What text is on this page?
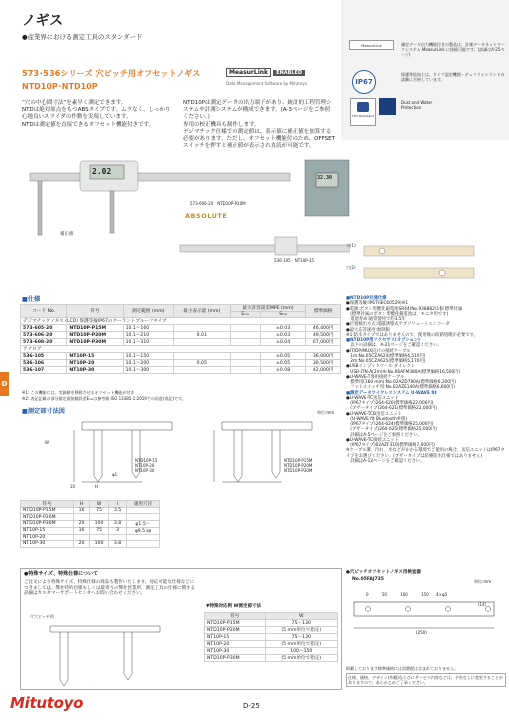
D
ノギス
●産業界における測定工具のスタンダード
MeasurLink	測定データ出力機能付きの製品は、計測データネットワークシステム MeasurLink に接続可能です。(詳細はA-25ページ)
IP67
保護等級向上は、ドイツ認定機関・テュフラインランドの試験に合格しています。
TÜV Rheinland
Dust and Water Protection
573･536シリーズ 穴ピッチ用オフセットノギス
NTD10P･NTD10P
MeasurLink ENABLED
Data Management Software by Mitutoyo
“穴の中心間寸法”を素早く測定できます。
NTDは絶対原点をもつABSタイプです。ムラなく、しっかり心地良いスライダの作動を実現しています。
NTDは測定値を直接できるオフセット機能付きです。
NTD10Pは測定データの出力端子があり、統計的工程管理システムや計測システムが構成できます。(A-3ページをご参照ください。)
専用の校正機具も制作します。
デジマチック仕様での測定値は、表示値に補正値を加算する必要があります。ただし、オフセット機能付のため、OFFSETスイッチを押すと補正値が表示され直読が可能です。
2.02
32.30
補正値
573-606-20　NTD10P-P20M
ABSOLUTE
536-105　NT10P-15
穴(1)
穴(2)
■仕様
コード No.	符号	測定範囲 (mm)	最小表示量 (mm)	最大許容誤差MPE (mm)		標準価格
				Eₘₑ	Sₘₑ	
デジマチックノギス (LCD) 保護等級IP67のクーラントプルーフタイプ						
573-605-20	NTD10P-P15M	10.1〜160			±0.03	46,400円
573-606-20	NTD10P-P20M	10.1〜210	0.01		±0.03	49,500円
573-608-20	NTD10P-P30M	10.1〜310			±0.04	67,000円
アナログ						
536-105	NT10P-15	10.1〜150			±0.05	36,000円
536-106	NT10P-20	10.1〜200	0.05		±0.05	39,500円
536-107	NT10P-30	10.1〜300			±0.08	42,000円
※1: この機能には、実測値を移動させるオフセット機能が付き
※2: 表記記載の部分測定面接触誤差Eₘₑは参考値 ISO 13385-1:2019での再度(表記)です。
■測定部寸法図	単位:mm
W
H
10
φ1
NTD10P-15
NT10P-20
NT10P-30
NTD10P-P15M
NTD10P-P20M
NTD10P-P30M
符号	H	W	l	適用穴径
NTD10P-P15M	16	75	3.5	
NTD10P-P20M				
NTD10P-P30M	20	100	3.8	φ1.5〜
NT10P-15	16	75	3	φ9.5 ㎜
NT10P-20				
NT10P-30	20	100	3.8	
●特殊サイズ、特殊仕様について
ご注文により特殊サイズ、特殊仕様の商品も製作いたします。対応可能な仕様などにつきましては、弊社特約店様もしくは最寄りの弊社営業所、測定工具の仕様に関する詳細はカスタマーサポートセンタへお問い合わせください。
片穴ピッチ用
▼特殊対応例 W測定部寸法
符号	W
NTD10P-P15M	75〜130
NTD10P-P20M	(5 mm単位で指定)
NT10P-15	75〜130
NT10P-20	(5 mm単位で指定)
NT10P-30	100〜150
NTD10P-P30M	(5 mm単位で指定)
■NTD10P共通仕様
●保護等級:IP67(IEC60529)※1
●電源:ボタン形酸化銀電池SR44(No.938882)1個 標準付属
　(標準付属のボタン形酸化銀電池は、モニタ用です)
　電池寿命:通常使用で約3.5年
●位置検出方式:電磁誘導式アブソリュートエンコーダ
●最大応答速度:無制限
※1:防水タイプではありませんので、使用後の防錆処理が必要です。
■NTD10P用アクセサリ(オプション)
　以下の詳細は、A-21ページをご確認ください。
●IT/DP/MUX向けの接続ケーブル
　1m:No.05CZA624(標準価格4,510円)
　2m:No.05CZA625(標準価格5,170円)
●USBインプットツール ダイレクト
　USB-ITN-A(2m)※:No.06AFM380A(標準価格16,500円)
●U-WAVE-T専用接続ケーブル
　標準用(160 mm):No.02AZD790A(標準価格6,200円)
　フットスイッチ用:No.02AZE140A(標準価格6,600円)
■測定データワイヤレスシステム U-WAVE fit
●U-WAVE-TC送信ユニット
　(IP67タイプ)264-620(標準価格22,000円)
　(ブザータイプ)264-621(標準価格22,000円)
●U-WAVE-TCB送信ユニット
　(U-WAVE fit Bluetooth®版)
　(IP67タイプ)264-624(標準価格25,000円)
　(ブザータイプ)264-625(標準価格25,000円)
　詳細はA-5ページをご参照ください。
●U-WAVE-TC接続ユニット
　(IP67タイプ)02AZF310(標準価格7,000円)
※ケーブル溝、汚れ、水などがかかる環境でご使用の場合、送信ユニットはIP67タイプをお選びください。(ブザータイプは防塵防水仕様ではありません)
　詳細はA-12ページをご確認ください。
●穴ピッチオフセットノギス用検査器
No.05FAJ735	単位:mm
0	50	100	150 4×φ5
(250)
(14)
掲載しております標準価格には消費税は含まれておりません。
仕様、価格、デザイン(外観)ならびにサービス内容などは、予告なしに変更することがありますので、あらかじめご了承ください。
Mitutoyo	D-25
